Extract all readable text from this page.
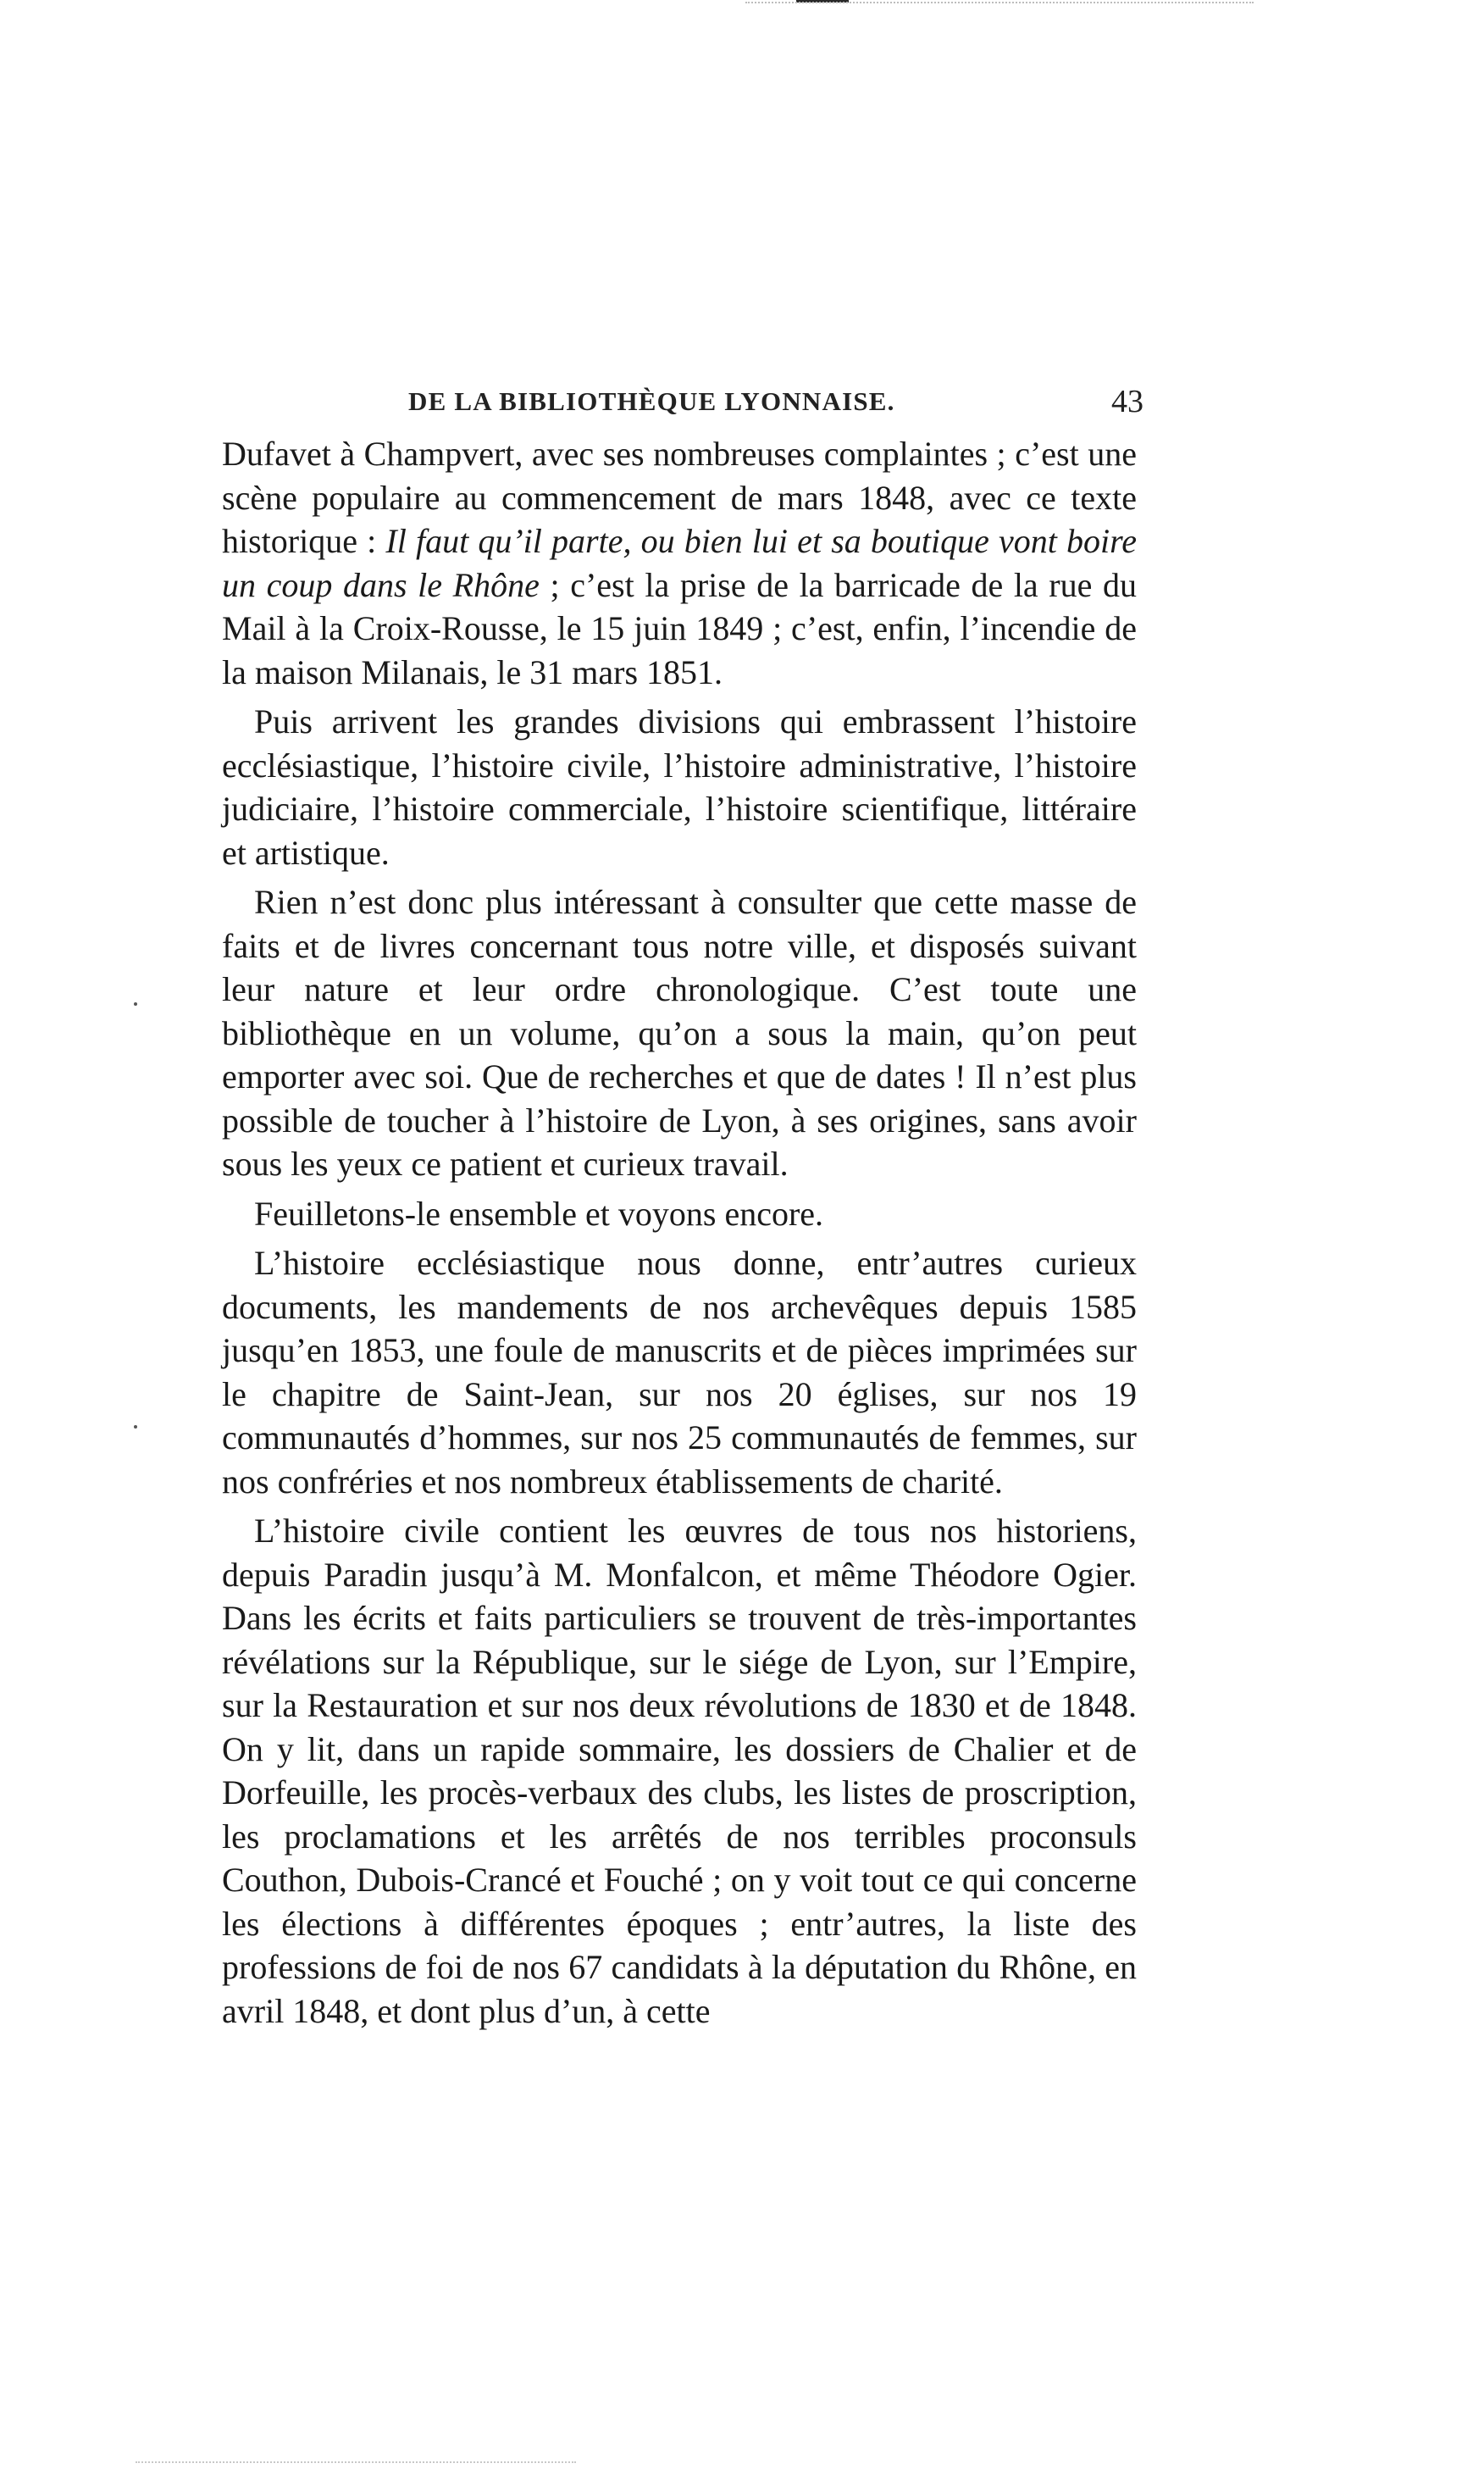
DE LA BIBLIOTHÈQUE LYONNAISE.	43

Dufavet à Champvert, avec ses nombreuses complaintes ; c’est une scène populaire au commencement de mars 1848, avec ce texte historique : Il faut qu’il parte, ou bien lui et sa boutique vont boire un coup dans le Rhône ; c’est la prise de la barricade de la rue du Mail à la Croix-Rousse, le 15 juin 1849 ; c’est, enfin, l’incendie de la maison Milanais, le 31 mars 1851.

Puis arrivent les grandes divisions qui embrassent l’histoire ecclésiastique, l’histoire civile, l’histoire administrative, l’histoire judiciaire, l’histoire commerciale, l’histoire scientifique, littéraire et artistique.

Rien n’est donc plus intéressant à consulter que cette masse de faits et de livres concernant tous notre ville, et disposés suivant leur nature et leur ordre chronologique. C’est toute une bibliothèque en un volume, qu’on a sous la main, qu’on peut emporter avec soi. Que de recherches et que de dates ! Il n’est plus possible de toucher à l’histoire de Lyon, à ses origines, sans avoir sous les yeux ce patient et curieux travail.

Feuilletons-le ensemble et voyons encore.

L’histoire ecclésiastique nous donne, entr’autres curieux documents, les mandements de nos archevêques depuis 1585 jusqu’en 1853, une foule de manuscrits et de pièces imprimées sur le chapitre de Saint-Jean, sur nos 20 églises, sur nos 19 communautés d’hommes, sur nos 25 communautés de femmes, sur nos confréries et nos nombreux établissements de charité.

L’histoire civile contient les œuvres de tous nos historiens, depuis Paradin jusqu’à M. Monfalcon, et même Théodore Ogier. Dans les écrits et faits particuliers se trouvent de très-importantes révélations sur la République, sur le siége de Lyon, sur l’Empire, sur la Restauration et sur nos deux révolutions de 1830 et de 1848. On y lit, dans un rapide sommaire, les dossiers de Chalier et de Dorfeuille, les procès-verbaux des clubs, les listes de proscription, les proclamations et les arrêtés de nos terribles proconsuls Couthon, Dubois-Crancé et Fouché ; on y voit tout ce qui concerne les élections à différentes époques ; entr’autres, la liste des professions de foi de nos 67 candidats à la députation du Rhône, en avril 1848, et dont plus d’un, à cette
